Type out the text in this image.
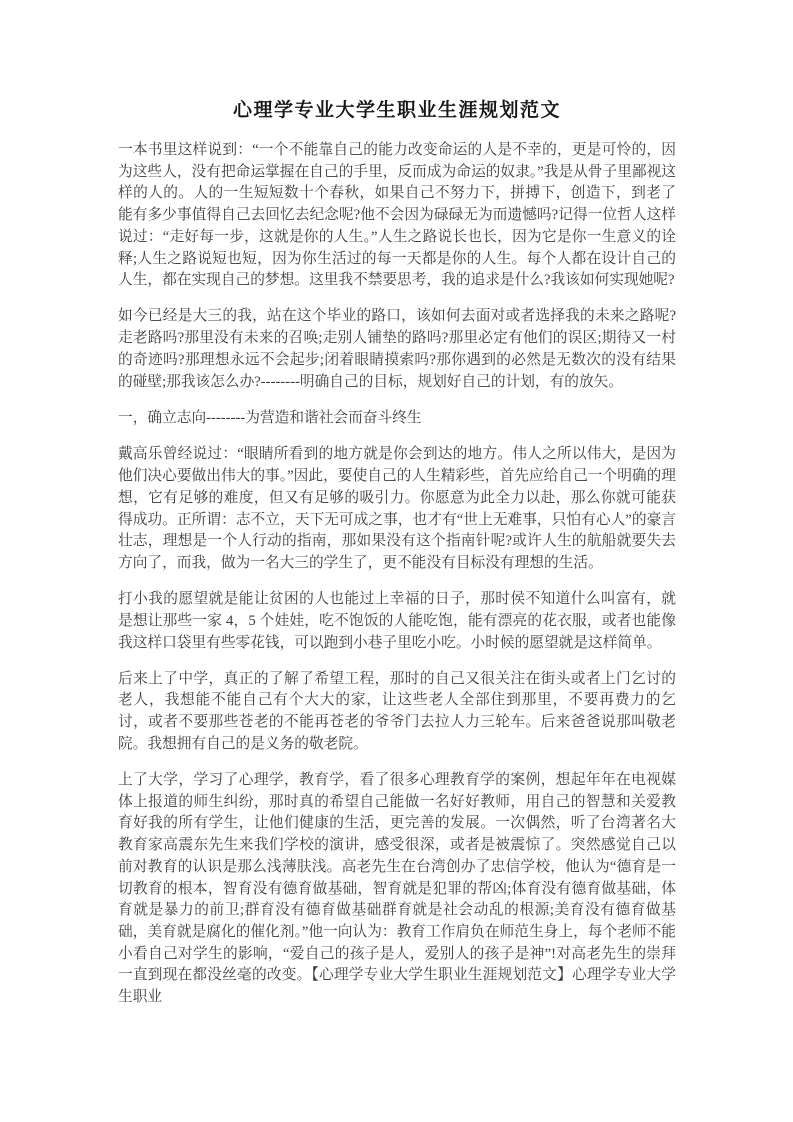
心理学专业大学生职业生涯规划范文

一本书里这样说到：“一个不能靠自己的能力改变命运的人是不幸的，更是可怜的，因为这些人，没有把命运掌握在自己的手里，反而成为命运的奴隶。”我是从骨子里鄙视这样的人的。人的一生短短数十个春秋，如果自己不努力下，拼搏下，创造下，到老了能有多少事值得自己去回忆去纪念呢?他不会因为碌碌无为而遗憾吗?记得一位哲人这样说过：“走好每一步，这就是你的人生。”人生之路说长也长，因为它是你一生意义的诠释;人生之路说短也短，因为你生活过的每一天都是你的人生。每个人都在设计自己的人生，都在实现自己的梦想。这里我不禁要思考，我的追求是什么?我该如何实现她呢?

如今已经是大三的我，站在这个毕业的路口，该如何去面对或者选择我的未来之路呢?走老路吗?那里没有未来的召唤;走别人铺垫的路吗?那里必定有他们的误区;期待又一村的奇迹吗?那理想永远不会起步;闭着眼睛摸索吗?那你遇到的必然是无数次的没有结果的碰壁;那我该怎么办?--------明确自己的目标，规划好自己的计划，有的放矢。

一，确立志向--------为营造和谐社会而奋斗终生

戴高乐曾经说过：“眼睛所看到的地方就是你会到达的地方。伟人之所以伟大，是因为他们决心要做出伟大的事。”因此，要使自己的人生精彩些，首先应给自己一个明确的理想，它有足够的难度，但又有足够的吸引力。你愿意为此全力以赴，那么你就可能获得成功。正所谓：志不立，天下无可成之事，也才有“世上无难事，只怕有心人”的豪言壮志，理想是一个人行动的指南，那如果没有这个指南针呢?或许人生的航船就要失去方向了，而我，做为一名大三的学生了，更不能没有目标没有理想的生活。

打小我的愿望就是能让贫困的人也能过上幸福的日子，那时侯不知道什么叫富有，就是想让那些一家 4，5 个娃娃，吃不饱饭的人能吃饱，能有漂亮的花衣服，或者也能像我这样口袋里有些零花钱，可以跑到小巷子里吃小吃。小时候的愿望就是这样简单。

后来上了中学，真正的了解了希望工程，那时的自己又很关注在街头或者上门乞讨的老人，我想能不能自己有个大大的家，让这些老人全部住到那里，不要再费力的乞讨，或者不要那些苍老的不能再苍老的爷爷门去拉人力三轮车。后来爸爸说那叫敬老院。我想拥有自己的是义务的敬老院。

上了大学，学习了心理学，教育学，看了很多心理教育学的案例，想起年年在电视媒体上报道的师生纠纷，那时真的希望自己能做一名好好教师，用自己的智慧和关爱教育好我的所有学生，让他们健康的生活，更完善的发展。一次偶然，听了台湾著名大教育家高震东先生来我们学校的演讲，感受很深，或者是被震惊了。突然感觉自己以前对教育的认识是那么浅薄肤浅。高老先生在台湾创办了忠信学校，他认为“德育是一切教育的根本，智育没有德育做基础，智育就是犯罪的帮凶;体育没有德育做基础，体育就是暴力的前卫;群育没有德育做基础群育就是社会动乱的根源;美育没有德育做基础，美育就是腐化的催化剂。”他一向认为：教育工作肩负在师范生身上，每个老师不能小看自己对学生的影响，“爱自己的孩子是人，爱别人的孩子是神”!对高老先生的崇拜一直到现在都没丝毫的改变。【心理学专业大学生职业生涯规划范文】心理学专业大学生职业
